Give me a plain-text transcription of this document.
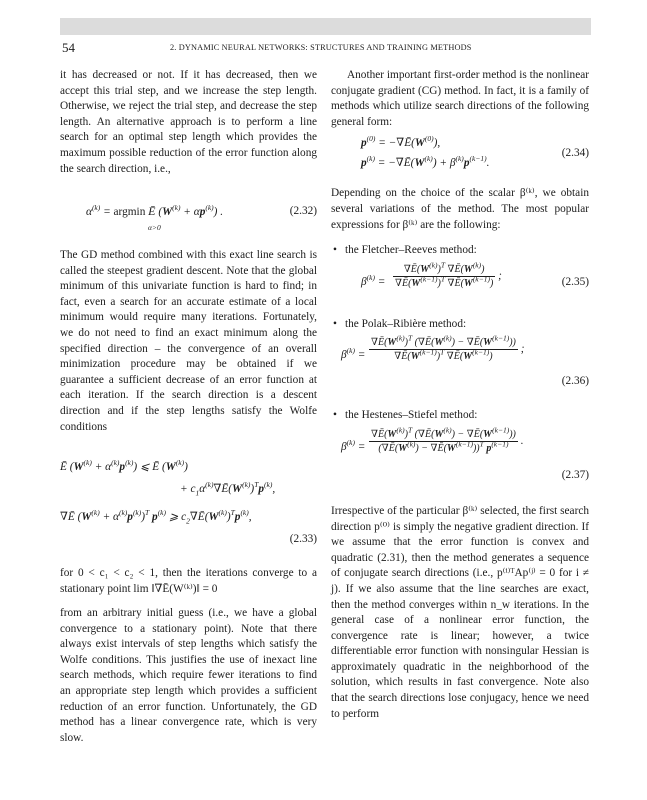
54	2. DYNAMIC NEURAL NETWORKS: STRUCTURES AND TRAINING METHODS

it has decreased or not. If it has decreased, then we accept this trial step, and we increase the step length. Otherwise, we reject the trial step, and decrease the step length. An alternative approach is to perform a line search for an optimal step length which provides the maximum possible reduction of the error function along the search direction, i.e.,

$\alpha^{(k)} = argmin$ Ē $(W^{(k)} + \alpha p^{(k)})$ .
α>0
(2.32)

The GD method combined with this exact line search is called the steepest gradient descent. Note that the global minimum of this univariate function is hard to find; in fact, even a search for an accurate estimate of a local minimum would require many iterations. Fortunately, we do not need to find an exact minimum along the specified direction – the convergence of an overall minimization procedure may be obtained if we guarantee a sufficient decrease of an error function at each iteration. If the search direction is a descent direction and if the step lengths satisfy the Wolfe conditions

Ē $(W^{(k)} + \alpha^{(k)}p^{(k)})$ ⩽ Ē $(W^{(k)})$
+ $c_1\alpha^{(k)}\nabla Ē(W^{(k)})^Tp^{(k)}$,
∇Ē $(W^{(k)} + \alpha^{(k)}p^{(k)})^T$ $p^{(k)}$ ⩾ $c_2\nabla Ē(W^{(k)})^Tp^{(k)}$,
(2.33)

for 0 < c₁ < c₂ < 1, then the iterations converge to a stationary point lim ‖∇Ē(W⁽ᵏ⁾)‖ = 0

from an arbitrary initial guess (i.e., we have a global convergence to a stationary point). Note that there always exist intervals of step lengths which satisfy the Wolfe conditions. This justifies the use of inexact line search methods, which require fewer iterations to find an appropriate step length which provides a sufficient reduction of an error function. Unfortunately, the GD method has a linear convergence rate, which is very slow.

Another important first-order method is the nonlinear conjugate gradient (CG) method. In fact, it is a family of methods which utilize search directions of the following general form:

$p^{(0)}$ = $-\nabla Ē(W^{(0)})$,
$p^{(k)}$ = $-\nabla Ē(W^{(k)}) + \beta^{(k)}p^{(k-1)}$.
(2.34)

Depending on the choice of the scalar β⁽ᵏ⁾, we obtain several variations of the method. The most popular expressions for β⁽ᵏ⁾ are the following:

• the Fletcher–Reeves method:
$\beta^{(k)} = \frac{\nabla Ē(W^{(k)})^T \nabla Ē(W^{(k)})}{\nabla Ē(W^{(k-1)})^T \nabla Ē(W^{(k-1)})}$ ;	(2.35)
• the Polak–Ribière method:
$\beta^{(k)} = \frac{\nabla Ē(W^{(k)})^T (\nabla Ē(W^{(k)}) - \nabla Ē(W^{(k-1)}))}{\nabla Ē(W^{(k-1)})^T \nabla Ē(W^{(k-1)})}$ ;
(2.36)
• the Hestenes–Stiefel method:
$\beta^{(k)} = \frac{\nabla Ē(W^{(k)})^T (\nabla Ē(W^{(k)}) - \nabla Ē(W^{(k-1)}))}{(\nabla Ē(W^{(k)}) - \nabla Ē(W^{(k-1)}))^T p^{(k-1)}}$ .
(2.37)

Irrespective of the particular β⁽ᵏ⁾ selected, the first search direction p⁽⁰⁾ is simply the negative gradient direction. If we assume that the error function is convex and quadratic (2.31), then the method generates a sequence of conjugate search directions (i.e., p⁽ⁱ⁾ᵀAp⁽ʲ⁾ = 0 for i ≠ j). If we also assume that the line searches are exact, then the method converges within n_w iterations. In the general case of a nonlinear error function, the convergence rate is linear; however, a twice differentiable error function with nonsingular Hessian is approximately quadratic in the neighborhood of the solution, which results in fast convergence. Note also that the search directions lose conjugacy, hence we need to perform
